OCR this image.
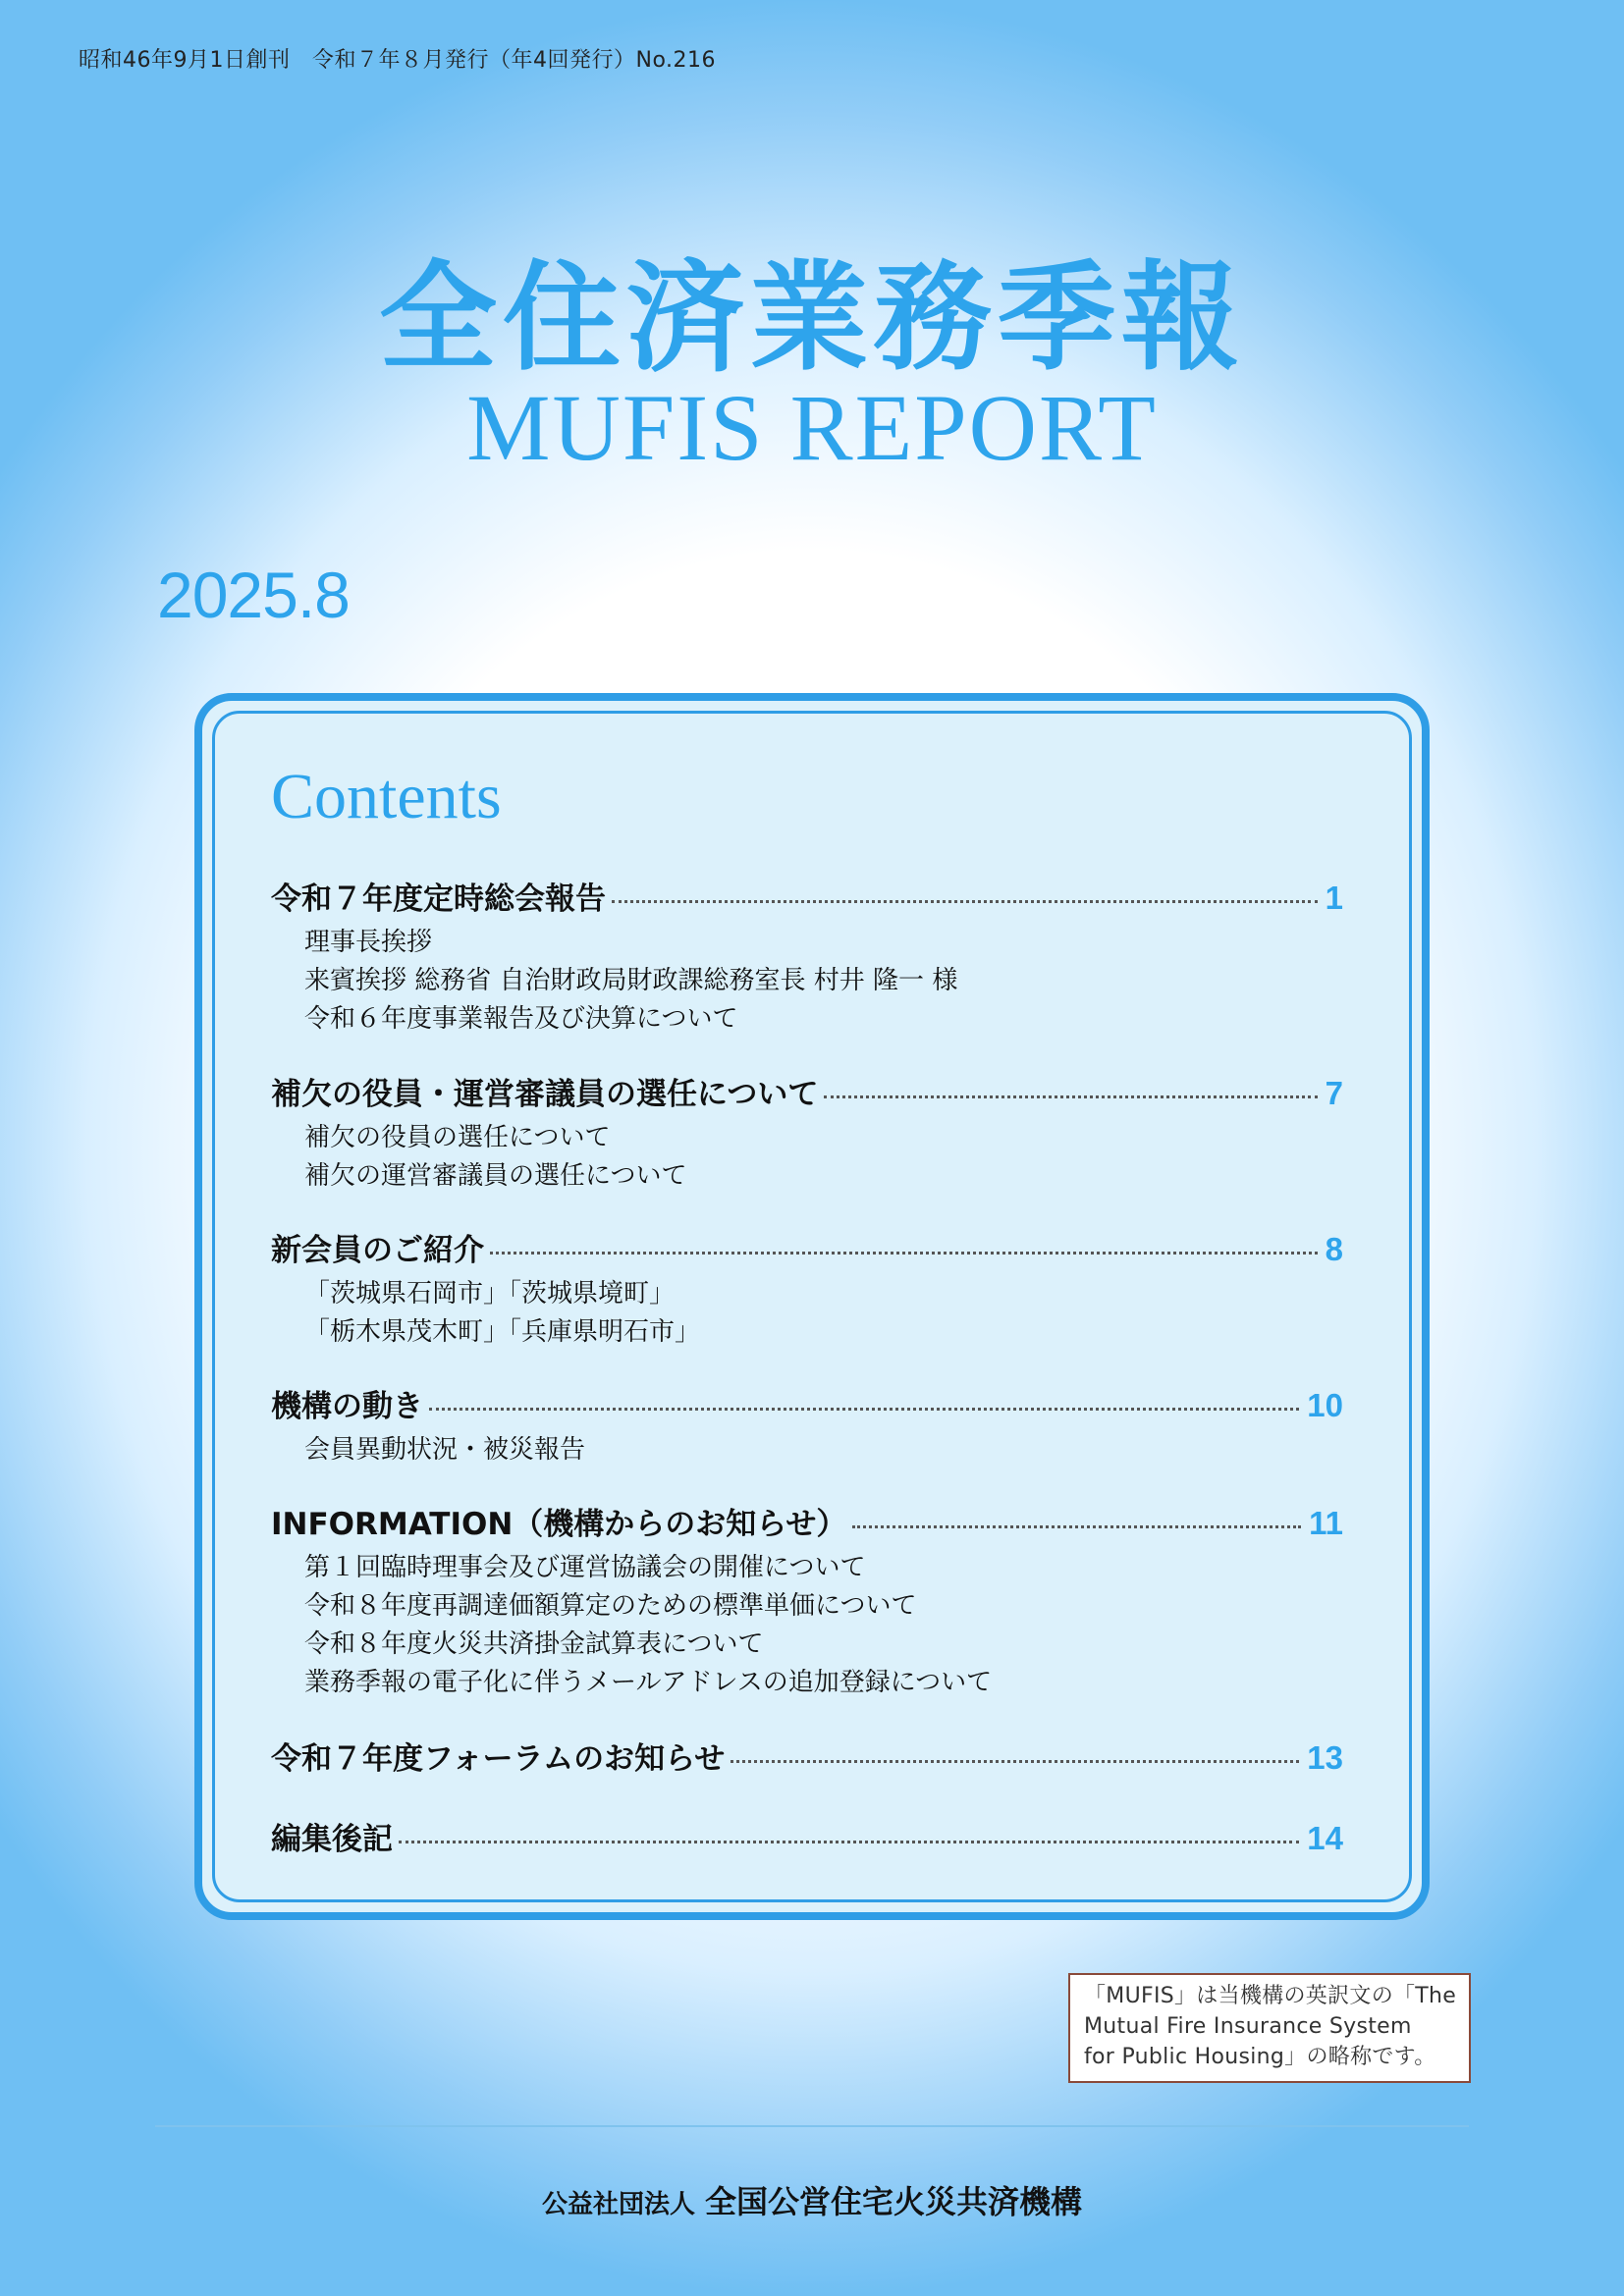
昭和46年9月1日創刊　令和７年８月発行（年4回発行）No.216
全住済業務季報
MUFIS REPORT
2025.8
Contents
令和７年度定時総会報告	1
理事長挨拶
来賓挨拶 総務省 自治財政局財政課総務室長 村井 隆一 様
令和６年度事業報告及び決算について
補欠の役員・運営審議員の選任について	7
補欠の役員の選任について
補欠の運営審議員の選任について
新会員のご紹介	8
「茨城県石岡市」「茨城県境町」
「栃木県茂木町」「兵庫県明石市」
機構の動き	10
会員異動状況・被災報告
INFORMATION（機構からのお知らせ）	11
第１回臨時理事会及び運営協議会の開催について
令和８年度再調達価額算定のための標準単価について
令和８年度火災共済掛金試算表について
業務季報の電子化に伴うメールアドレスの追加登録について
令和７年度フォーラムのお知らせ	13
編集後記	14
「MUFIS」は当機構の英訳文の「The
Mutual Fire Insurance System
for Public Housing」の略称です。
公益社団法人 全国公営住宅火災共済機構
